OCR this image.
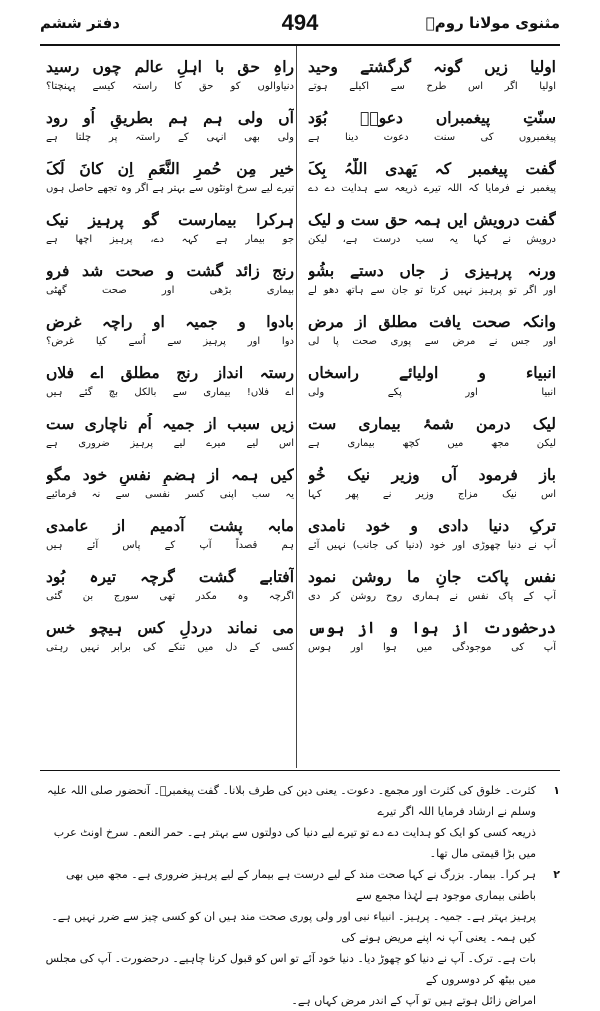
مثنوی مولانا رومؒ
494
دفتر ششم
اولیا زیں گونہ گرگشتے وحید
اولیا اگر اس طرح سے اکیلے ہوتے
سنّتِ پیغمبراں دعوتؒ بُوَد
پیغمبروں کی سنت دعوت دینا ہے
گفت پیغمبر کہ یَهدی اللّٰہُ بِکَ
پیغمبر نے فرمایا کہ اللہ تیرے ذریعہ سے ہدایت دے دے
گفت درویش ایں ہمہ حق ست و لیک
درویش نے کہا یہ سب درست ہے، لیکن
ورنہ پرہیزی ز جاں دستے بشُو
اور اگر تو پرہیز نہیں کرتا تو جان سے ہاتھ دھو لے
وانکہ صحت یافت مطلق از مرض
اور جس نے مرض سے پوری صحت پا لی
انبیاء و اولیائے راسخاں
انبیا اور پکے ولی
لیک درمن شمۂ بیماری ست
لیکن مجھ میں کچھ بیماری ہے
باز فرمود آں وزیر نیک خُو
اس نیک مزاج وزیر نے پھر کہا
ترکِ دنیا دادی و خود نامدی
آپ نے دنیا چھوڑی اور خود (دنیا کی جانب) نہیں آئے
نفس پاکت جانِ ما روشن نمود
آپ کے پاک نفس نے ہماری روح روشن کر دی
درحضورت از ہوا و از ہوس
آپ کی موجودگی میں ہوا اور ہوس
راہِ حق با اہلِ عالم چوں رسید
دنیاوالوں کو حق کا راستہ کیسے پہنچتا؟
آں ولی ہم ہم بطریقِ اُو رود
ولی بھی انہی کے راستہ پر چلتا ہے
خیر مِن حُمرِ النَّعَمِ اِن کانَ لَکَ
تیرے لیے سرخ اونٹوں سے بہتر ہے اگر وہ تجھے حاصل ہوں
ہرکرا بیمارست گو پرہیز نیک
جو بیمار ہے کہہ دے، پرہیز اچھا ہے
رنج زائد گشت و صحت شد فرو
بیماری بڑھی اور صحت گھٹی
بادوا و جمیہ او راچہ غرض
دوا اور پرہیز سے اُسے کیا غرض؟
رستہ انداز رنج مطلق اے فلاں
اے فلاں! بیماری سے بالکل بچ گئے ہیں
زیں سبب از جمیہ اُم ناچاری ست
اس لیے میرے لیے پرہیز ضروری ہے
کیں ہمہ از ہضمِ نفسِ خود مگو
یہ سب اپنی کسر نفسی سے نہ فرمائیے
مابہ پشت آدمیم از عامدی
ہم قصداً آپ کے پاس آئے ہیں
آفتابے گشت گرچہ تیرہ بُود
اگرچہ وہ مکدر تھی سورج بن گئی
می نماند دردلِ کس ہیچو خس
کسی کے دل میں تنکے کی برابر نہیں رہتی
۱

کثرت۔ خلوق کی کثرت اور مجمع۔ دعوت۔ یعنی دین کی طرف بلانا۔ گفت پیغمبرؐ۔ آنحضور صلی اللہ علیہ وسلم نے ارشاد فرمایا اللہ اگر تیرے

ذریعہ کسی کو ایک کو ہدایت دے دے تو تیرے لیے دنیا کی دولتوں سے بہتر ہے۔ حمر النعم۔ سرخ اونٹ عرب میں بڑا قیمتی مال تھا۔

۲

ہر کرا۔ بیمار۔ بزرگ نے کہا صحت مند کے لیے درست ہے بیمار کے لیے پرہیز ضروری ہے۔ مجھ میں بھی باطنی بیماری موجود ہے لہٰذا مجمع سے

پرہیز بہتر ہے۔ جمیہ۔ پرہیز۔ انبیاء نبی اور ولی پوری صحت مند ہیں ان کو کسی چیز سے ضرر نہیں ہے۔ کیں ہمہ۔ یعنی آپ نہ اپنے مریض ہونے کی

بات ہے۔ ترک۔ آپ نے دنیا کو چھوڑ دیا۔ دنیا خود آئے تو اس کو قبول کرنا چاہیے۔ درحضورت۔ آپ کی مجلس میں بیٹھ کر دوسروں کے

امراض زائل ہوتے ہیں تو آپ کے اندر مرض کہاں ہے۔
